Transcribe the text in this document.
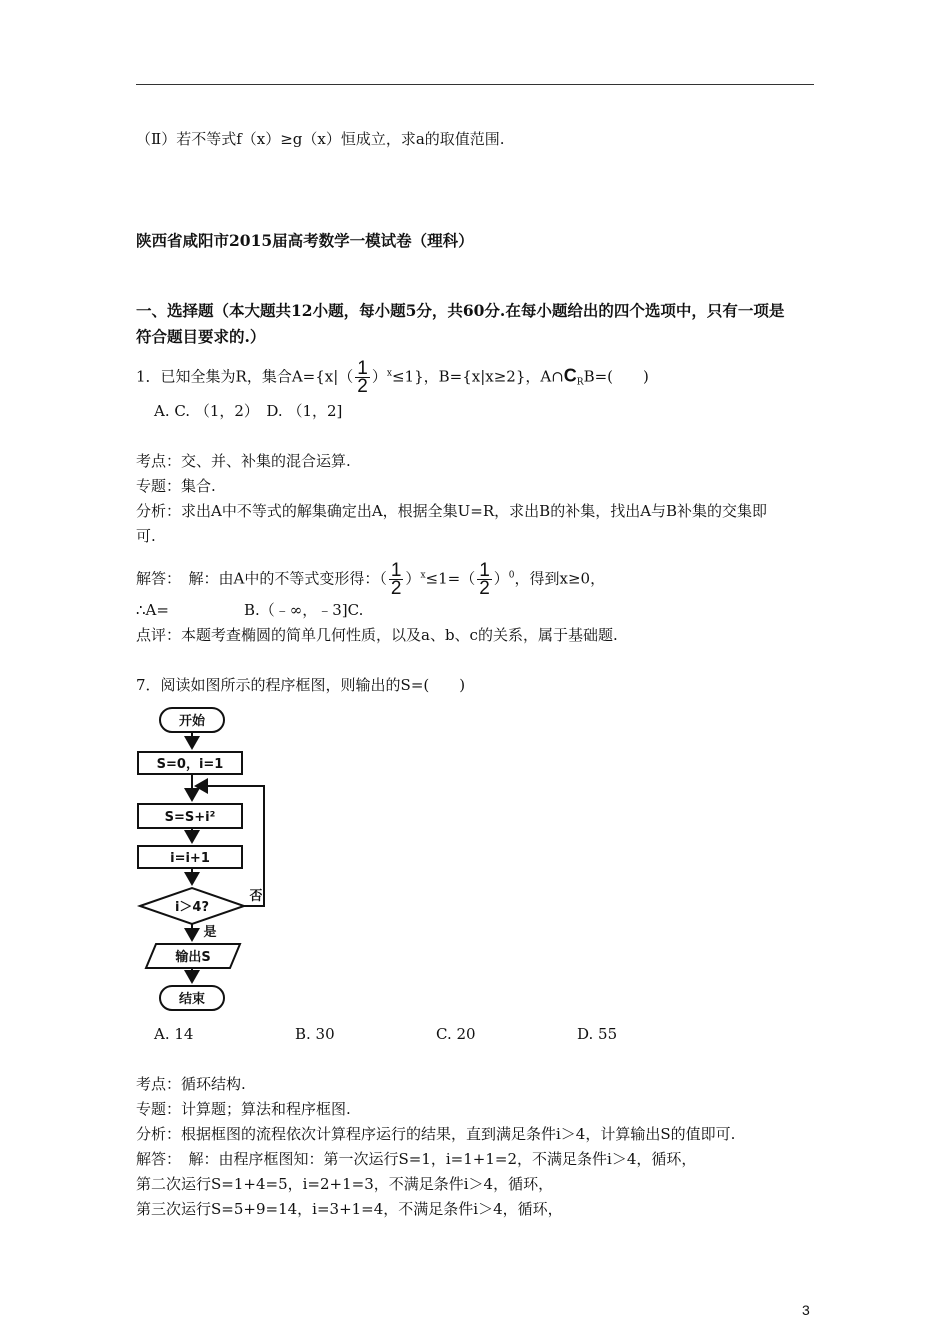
（Ⅱ）若不等式f（x）≥g（x）恒成立，求a的取值范围.
陕西省咸阳市2015届高考数学一模试卷（理科）
一、选择题（本大题共12小题，每小题5分，共60分.在每小题给出的四个选项中，只有一项是
符合题目要求的.）
1．已知全集为R，集合$A=\{x|( \frac{1}{2} )^x\le 1\}$，B={x|x≥2}，$A\cap C_RB=$(　　)
A. C. （1，2）　D. （1，2]
考点：交、并、补集的混合运算.
专题：集合.
分析：求出A中不等式的解集确定出A，根据全集U=R，求出B的补集，找出A与B补集的交集即
可.
解答：　解：由A中的不等式变形得：（ $\frac{1}{2} )^x\le 1=( \frac{1}{2} )^0$，得到x≥0，
∴A=　　　　　B.（﹣∞，﹣3]C.
点评：本题考查椭圆的简单几何性质，以及a、b、c的关系，属于基础题.
7．阅读如图所示的程序框图，则输出的S=(　　)
开始
S=0，i=1
S=S+i²
i=i+1
i＞4?
是
否
输出S
结束
A. 14	B. 30	C. 20	D. 55
考点：循环结构.
专题：计算题；算法和程序框图.
分析：根据框图的流程依次计算程序运行的结果，直到满足条件i＞4，计算输出S的值即可.
解答：　解：由程序框图知：第一次运行S=1，i=1+1=2，不满足条件i＞4，循环，
第二次运行S=1+4=5，i=2+1=3，不满足条件i＞4，循环，
第三次运行S=5+9=14，i=3+1=4，不满足条件i＞4，循环，
3
